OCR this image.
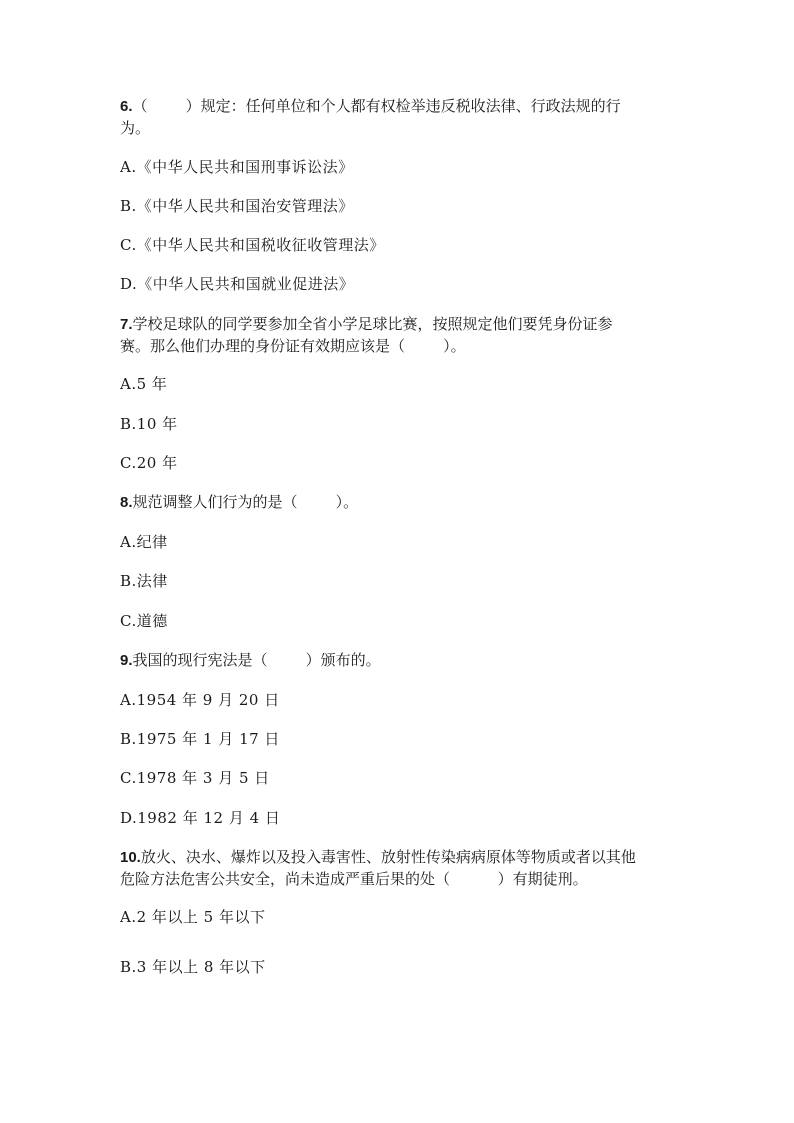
6.（        ）规定：任何单位和个人都有权检举违反税收法律、行政法规的行
为。
A.《中华人民共和国刑事诉讼法》
B.《中华人民共和国治安管理法》
C.《中华人民共和国税收征收管理法》
D.《中华人民共和国就业促进法》
7.学校足球队的同学要参加全省小学足球比赛，按照规定他们要凭身份证参
赛。那么他们办理的身份证有效期应该是（        ）。
A.5 年
B.10 年
C.20 年
8.规范调整人们行为的是（        ）。
A.纪律
B.法律
C.道德
9.我国的现行宪法是（        ）颁布的。
A.1954 年 9 月 20 日
B.1975 年 1 月 17 日
C.1978 年 3 月 5 日
D.1982 年 12 月 4 日
10.放火、决水、爆炸以及投入毒害性、放射性传染病病原体等物质或者以其他
危险方法危害公共安全，尚未造成严重后果的处（          ）有期徒刑。
A.2 年以上 5 年以下
B.3 年以上 8 年以下
